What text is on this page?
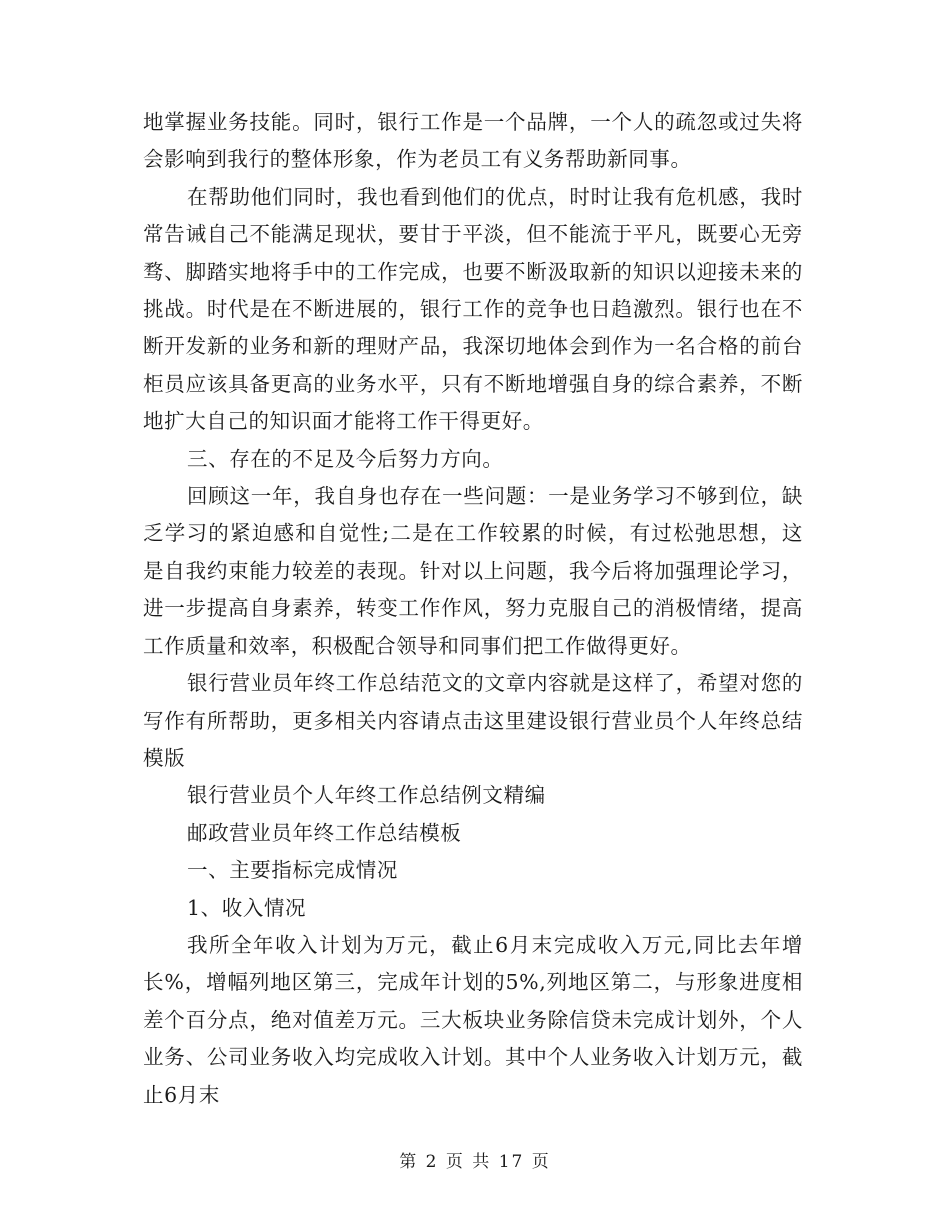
地掌握业务技能。同时，银行工作是一个品牌，一个人的疏忽或过失将会影响到我行的整体形象，作为老员工有义务帮助新同事。

在帮助他们同时，我也看到他们的优点，时时让我有危机感，我时常告诫自己不能满足现状，要甘于平淡，但不能流于平凡，既要心无旁骛、脚踏实地将手中的工作完成，也要不断汲取新的知识以迎接未来的挑战。时代是在不断进展的，银行工作的竞争也日趋激烈。银行也在不断开发新的业务和新的理财产品，我深切地体会到作为一名合格的前台柜员应该具备更高的业务水平，只有不断地增强自身的综合素养，不断地扩大自己的知识面才能将工作干得更好。

三、存在的不足及今后努力方向。

回顾这一年，我自身也存在一些问题：一是业务学习不够到位，缺乏学习的紧迫感和自觉性;二是在工作较累的时候，有过松弛思想，这是自我约束能力较差的表现。针对以上问题，我今后将加强理论学习，进一步提高自身素养，转变工作作风，努力克服自己的消极情绪，提高工作质量和效率，积极配合领导和同事们把工作做得更好。

银行营业员年终工作总结范文的文章内容就是这样了，希望对您的写作有所帮助，更多相关内容请点击这里建设银行营业员个人年终总结模版

银行营业员个人年终工作总结例文精编

邮政营业员年终工作总结模板

一、主要指标完成情况

1、收入情况

我所全年收入计划为万元，截止6月末完成收入万元,同比去年增长%，增幅列地区第三，完成年计划的5%,列地区第二，与形象进度相差个百分点，绝对值差万元。三大板块业务除信贷未完成计划外，个人业务、公司业务收入均完成收入计划。其中个人业务收入计划万元，截止6月末

第 2 页 共 17 页
